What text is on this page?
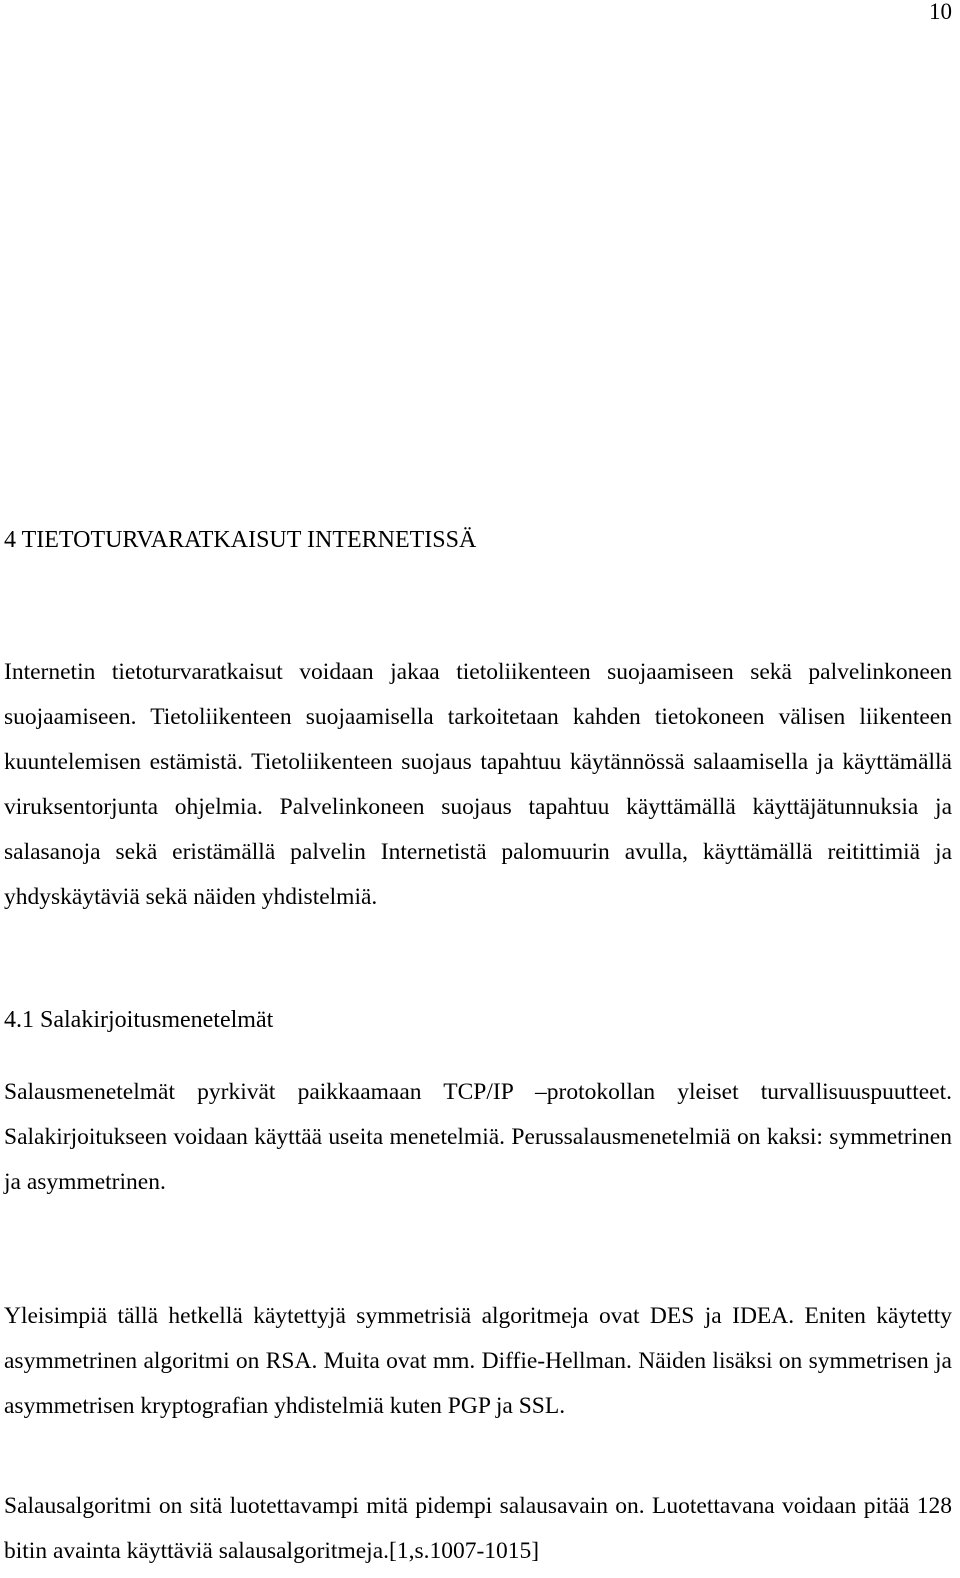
10
4 TIETOTURVARATKAISUT INTERNETISSÄ

Internetin tietoturvaratkaisut voidaan jakaa tietoliikenteen suojaamiseen sekä palvelinkoneen suojaamiseen. Tietoliikenteen suojaamisella tarkoitetaan kahden tietokoneen välisen liikenteen kuuntelemisen estämistä. Tietoliikenteen suojaus tapahtuu käytännössä salaamisella ja käyttämällä viruksentorjunta ohjelmia. Palvelinkoneen suojaus tapahtuu käyttämällä käyttäjätunnuksia ja salasanoja sekä eristämällä palvelin Internetistä palomuurin avulla, käyttämällä reitittimiä ja yhdyskäytäviä sekä näiden yhdistelmiä.

4.1 Salakirjoitusmenetelmät

Salausmenetelmät pyrkivät paikkaamaan TCP/IP –protokollan yleiset turvallisuuspuutteet. Salakirjoitukseen voidaan käyttää useita menetelmiä. Perussalausmenetelmiä on kaksi: symmetrinen ja asymmetrinen.

Yleisimpiä tällä hetkellä käytettyjä symmetrisiä algoritmeja ovat DES ja IDEA. Eniten käytetty asymmetrinen algoritmi on RSA. Muita ovat mm. Diffie-Hellman. Näiden lisäksi on symmetrisen ja asymmetrisen kryptografian yhdistelmiä kuten PGP ja SSL.

Salausalgoritmi on sitä luotettavampi mitä pidempi salausavain on. Luotettavana voidaan pitää 128 bitin avainta käyttäviä salausalgoritmeja.[1,s.1007-1015]
